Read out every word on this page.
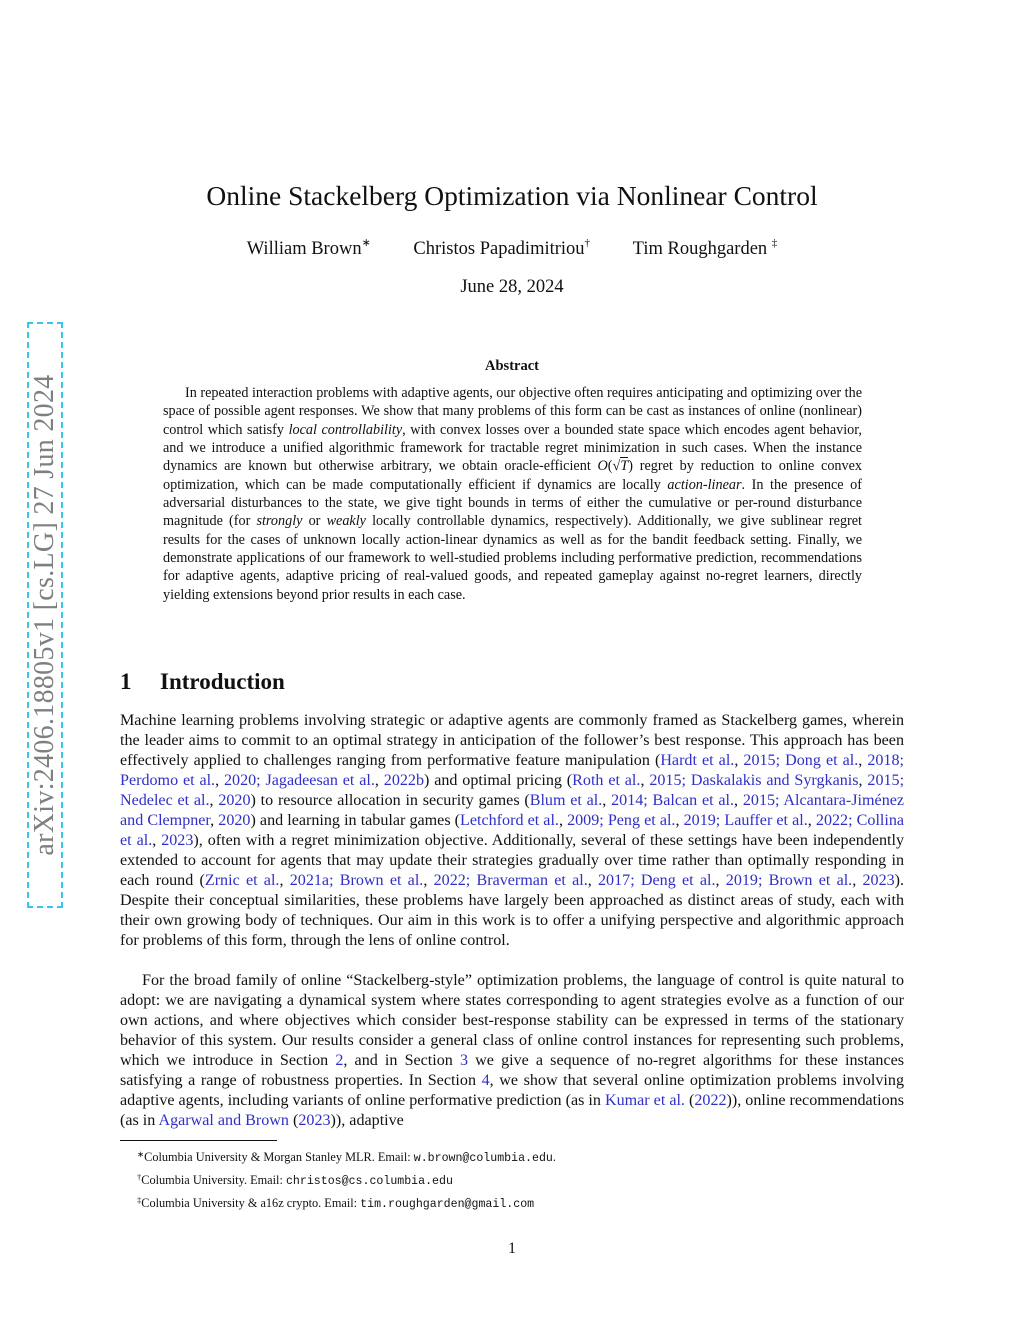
arXiv:2406.18805v1 [cs.LG] 27 Jun 2024
Online Stackelberg Optimization via Nonlinear Control
William Brown∗ Christos Papadimitriou† Tim Roughgarden ‡
June 28, 2024
Abstract

In repeated interaction problems with adaptive agents, our objective often requires anticipating and optimizing over the space of possible agent responses. We show that many problems of this form can be cast as instances of online (nonlinear) control which satisfy local controllability, with convex losses over a bounded state space which encodes agent behavior, and we introduce a unified algorithmic framework for tractable regret minimization in such cases. When the instance dynamics are known but otherwise arbitrary, we obtain oracle-efficient O(√T) regret by reduction to online convex optimization, which can be made computationally efficient if dynamics are locally action-linear. In the presence of adversarial disturbances to the state, we give tight bounds in terms of either the cumulative or per-round disturbance magnitude (for strongly or weakly locally controllable dynamics, respectively). Additionally, we give sublinear regret results for the cases of unknown locally action-linear dynamics as well as for the bandit feedback setting. Finally, we demonstrate applications of our framework to well-studied problems including performative prediction, recommendations for adaptive agents, adaptive pricing of real-valued goods, and repeated gameplay against no-regret learners, directly yielding extensions beyond prior results in each case.

1 Introduction

Machine learning problems involving strategic or adaptive agents are commonly framed as Stackelberg games, wherein the leader aims to commit to an optimal strategy in anticipation of the follower’s best response. This approach has been effectively applied to challenges ranging from performative feature manipulation (Hardt et al., 2015; Dong et al., 2018; Perdomo et al., 2020; Jagadeesan et al., 2022b) and optimal pricing (Roth et al., 2015; Daskalakis and Syrgkanis, 2015; Nedelec et al., 2020) to resource allocation in security games (Blum et al., 2014; Balcan et al., 2015; Alcantara-Jiménez and Clempner, 2020) and learning in tabular games (Letchford et al., 2009; Peng et al., 2019; Lauffer et al., 2022; Collina et al., 2023), often with a regret minimization objective. Additionally, several of these settings have been independently extended to account for agents that may update their strategies gradually over time rather than optimally responding in each round (Zrnic et al., 2021a; Brown et al., 2022; Braverman et al., 2017; Deng et al., 2019; Brown et al., 2023). Despite their conceptual similarities, these problems have largely been approached as distinct areas of study, each with their own growing body of techniques. Our aim in this work is to offer a unifying perspective and algorithmic approach for problems of this form, through the lens of online control.

For the broad family of online “Stackelberg-style” optimization problems, the language of control is quite natural to adopt: we are navigating a dynamical system where states corresponding to agent strategies evolve as a function of our own actions, and where objectives which consider best-response stability can be expressed in terms of the stationary behavior of this system. Our results consider a general class of online control instances for representing such problems, which we introduce in Section 2, and in Section 3 we give a sequence of no-regret algorithms for these instances satisfying a range of robustness properties. In Section 4, we show that several online optimization problems involving adaptive agents, including variants of online performative prediction (as in Kumar et al. (2022)), online recommendations (as in Agarwal and Brown (2023)), adaptive

∗Columbia University & Morgan Stanley MLR. Email: w.brown@columbia.edu.
†Columbia University. Email: christos@cs.columbia.edu
‡Columbia University & a16z crypto. Email: tim.roughgarden@gmail.com
1
